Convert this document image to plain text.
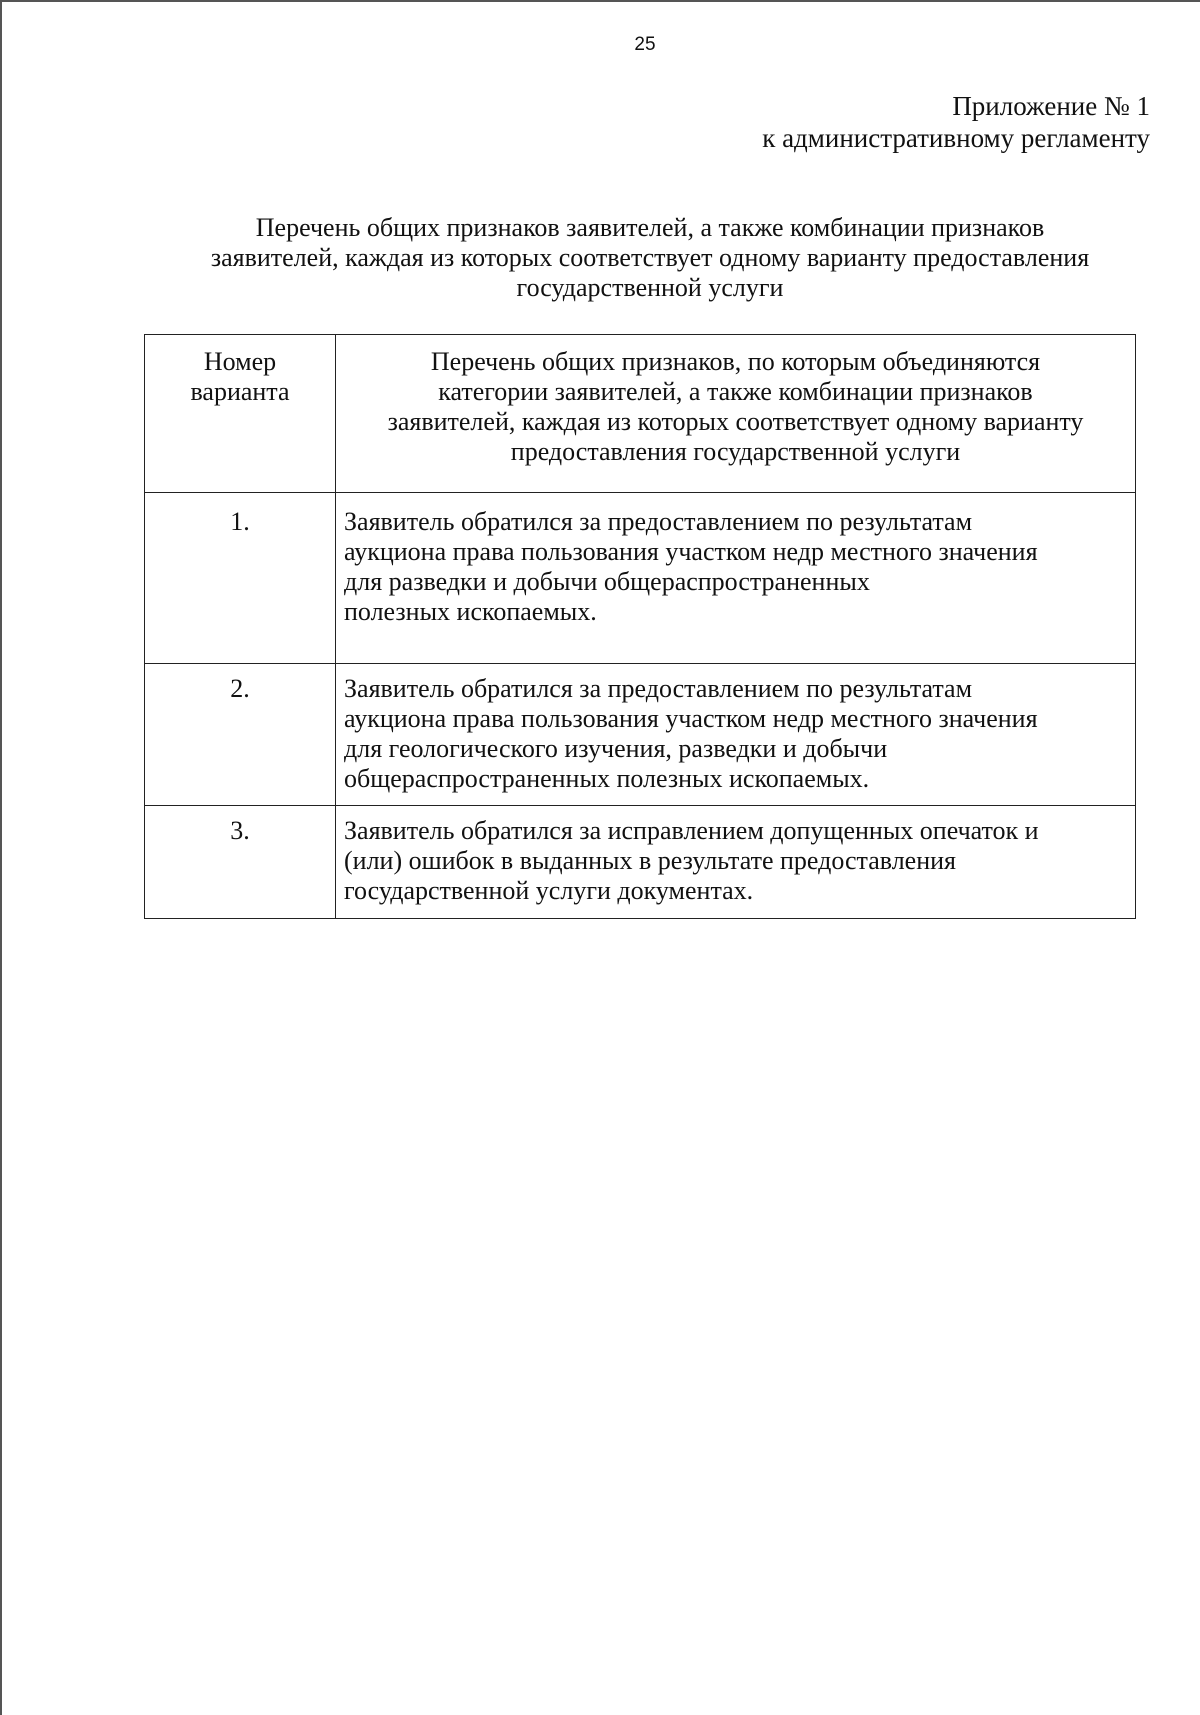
25
Приложение № 1
к административному регламенту
Перечень общих признаков заявителей, а также комбинации признаков
заявителей, каждая из которых соответствует одному варианту предоставления
государственной услуги
Номер
варианта	Перечень общих признаков, по которым объединяются
категории заявителей, а также комбинации признаков
заявителей, каждая из которых соответствует одному варианту
предоставления государственной услуги

1.	Заявитель обратился за предоставлением по результатам
аукциона права пользования участком недр местного значения
для разведки и добычи общераспространенных
полезных ископаемых.

2.	Заявитель обратился за предоставлением по результатам
аукциона права пользования участком недр местного значения
для геологического изучения, разведки и добычи
общераспространенных полезных ископаемых.

3.	Заявитель обратился за исправлением допущенных опечаток и
(или) ошибок в выданных в результате предоставления
государственной услуги документах.
